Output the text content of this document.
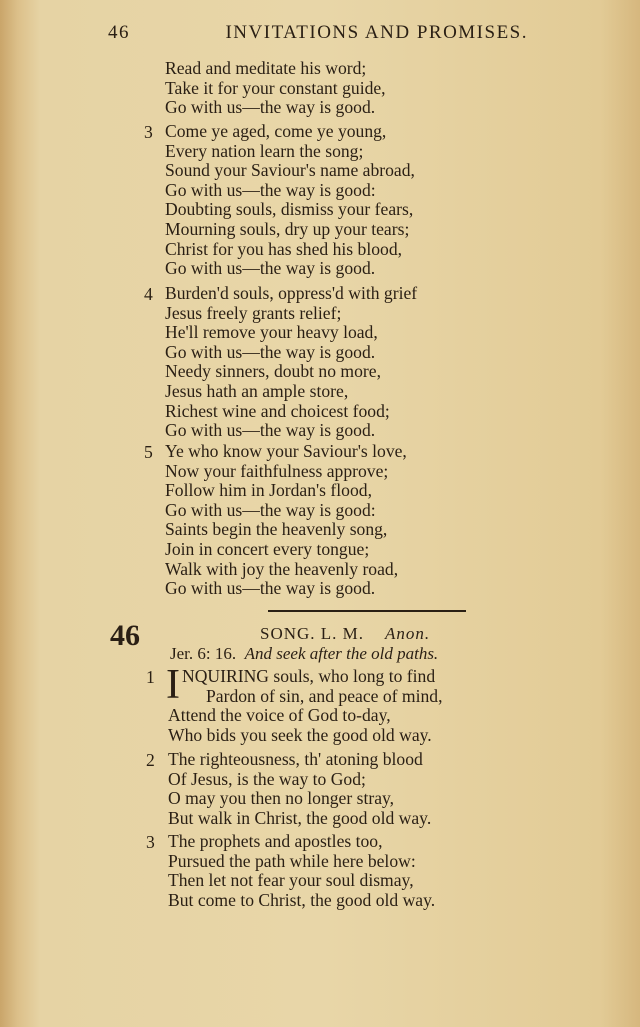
46	INVITATIONS AND PROMISES.
Read and meditate his word;
Take it for your constant guide,
Go with us—the way is good.
3 Come ye aged, come ye young,
Every nation learn the song;
Sound your Saviour's name abroad,
Go with us—the way is good:
Doubting souls, dismiss your fears,
Mourning souls, dry up your tears;
Christ for you has shed his blood,
Go with us—the way is good.
4 Burden'd souls, oppress'd with grief
Jesus freely grants relief;
He'll remove your heavy load,
Go with us—the way is good.
Needy sinners, doubt no more,
Jesus hath an ample store,
Richest wine and choicest food;
Go with us—the way is good.
5 Ye who know your Saviour's love,
Now your faithfulness approve;
Follow him in Jordan's flood,
Go with us—the way is good:
Saints begin the heavenly song,
Join in concert every tongue;
Walk with joy the heavenly road,
Go with us—the way is good.
46	SONG. L. M. Anon.
Jer. 6: 16. And seek after the old paths.
1 I NQUIRING souls, who long to find
Pardon of sin, and peace of mind,
Attend the voice of God to-day,
Who bids you seek the good old way.
2 The righteousness, th' atoning blood
Of Jesus, is the way to God;
O may you then no longer stray,
But walk in Christ, the good old way.
3 The prophets and apostles too,
Pursued the path while here below:
Then let not fear your soul dismay,
But come to Christ, the good old way.
